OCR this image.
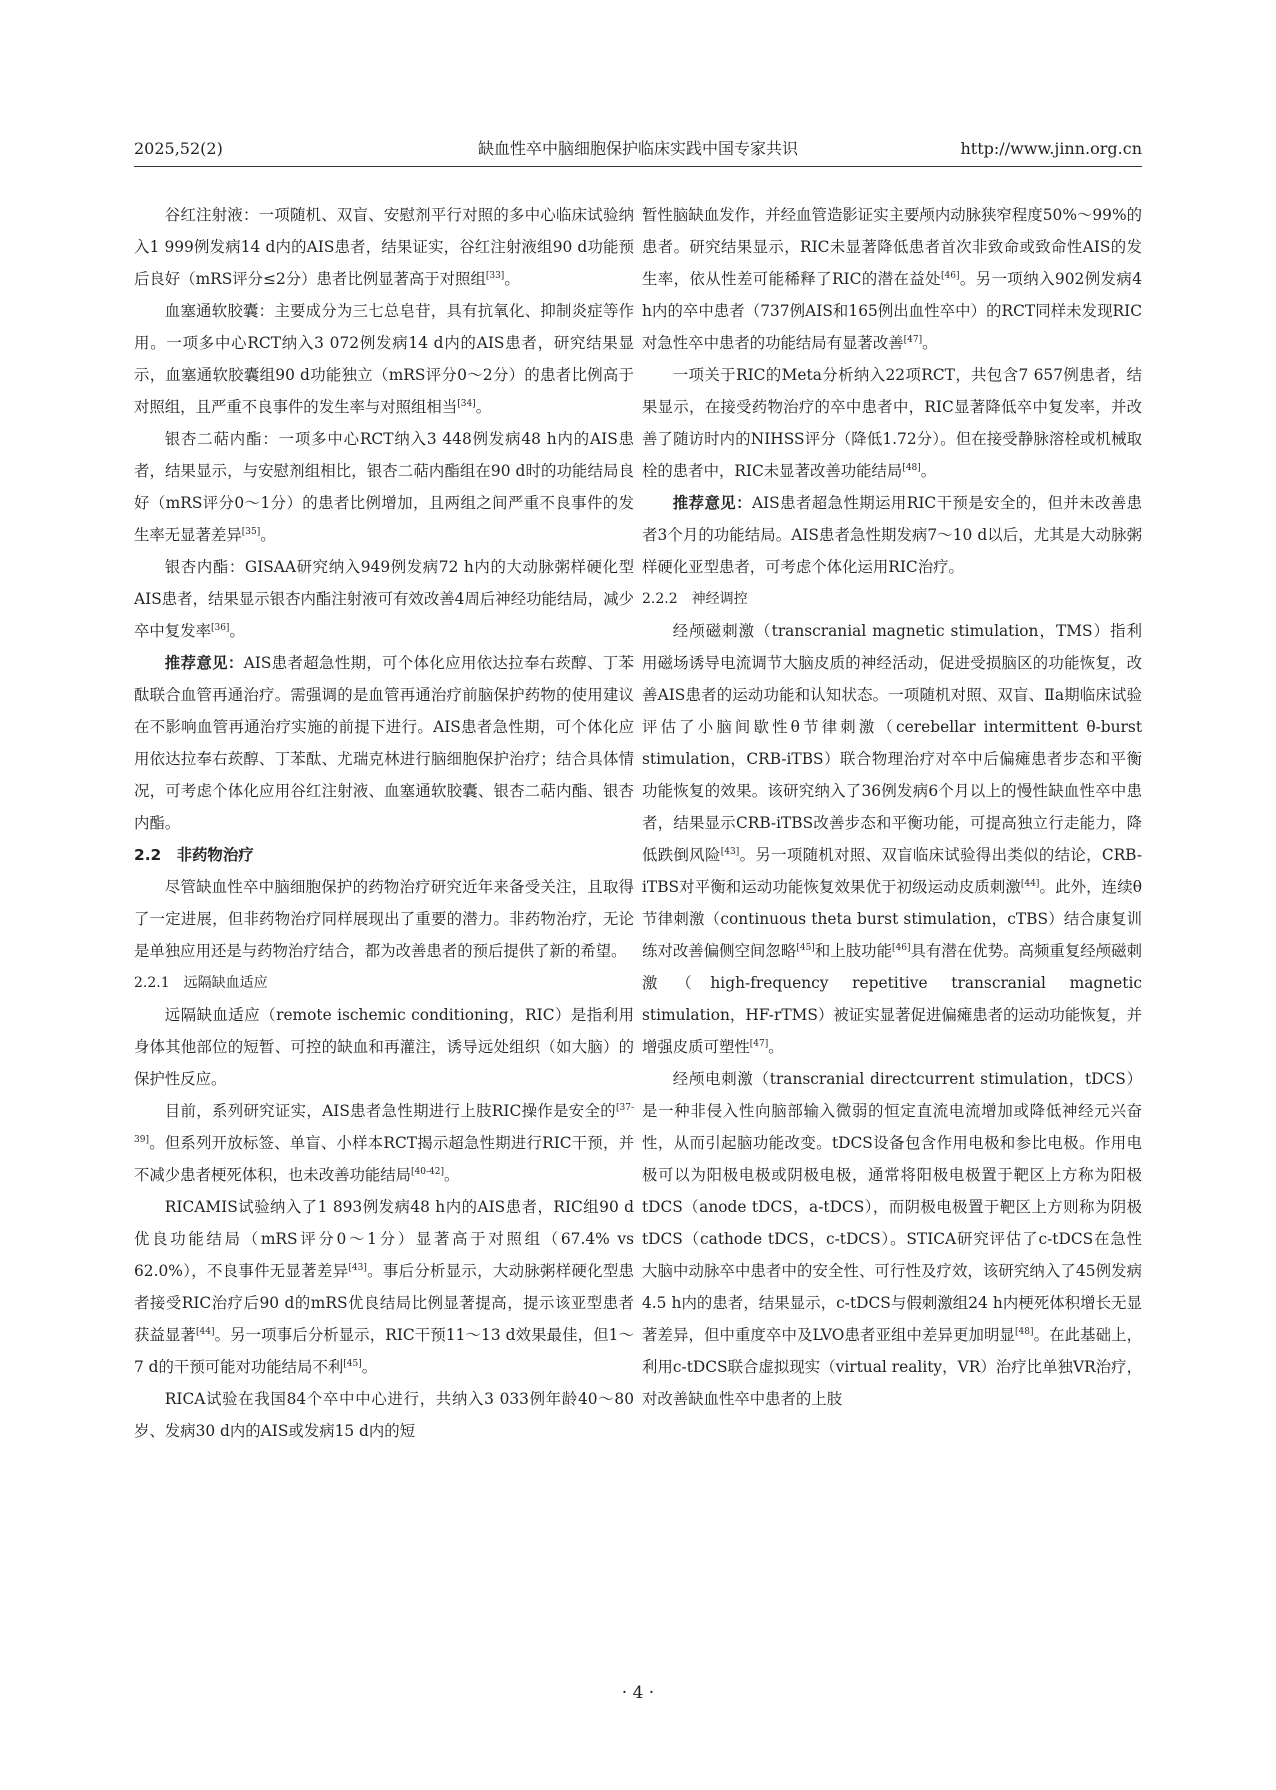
2025,52(2)	缺血性卒中脑细胞保护临床实践中国专家共识	http://www.jinn.org.cn

谷红注射液：一项随机、双盲、安慰剂平行对照的多中心临床试验纳入1 999例发病14 d内的AIS患者，结果证实，谷红注射液组90 d功能预后良好（mRS评分≤2分）患者比例显著高于对照组[33]。

血塞通软胶囊：主要成分为三七总皂苷，具有抗氧化、抑制炎症等作用。一项多中心RCT纳入3 072例发病14 d内的AIS患者，研究结果显示，血塞通软胶囊组90 d功能独立（mRS评分0～2分）的患者比例高于对照组，且严重不良事件的发生率与对照组相当[34]。

银杏二萜内酯：一项多中心RCT纳入3 448例发病48 h内的AIS患者，结果显示，与安慰剂组相比，银杏二萜内酯组在90 d时的功能结局良好（mRS评分0～1分）的患者比例增加，且两组之间严重不良事件的发生率无显著差异[35]。

银杏内酯：GISAA研究纳入949例发病72 h内的大动脉粥样硬化型AIS患者，结果显示银杏内酯注射液可有效改善4周后神经功能结局，减少卒中复发率[36]。

推荐意见：AIS患者超急性期，可个体化应用依达拉奉右莰醇、丁苯酞联合血管再通治疗。需强调的是血管再通治疗前脑保护药物的使用建议在不影响血管再通治疗实施的前提下进行。AIS患者急性期，可个体化应用依达拉奉右莰醇、丁苯酞、尤瑞克林进行脑细胞保护治疗；结合具体情况，可考虑个体化应用谷红注射液、血塞通软胶囊、银杏二萜内酯、银杏内酯。

2.2　非药物治疗

尽管缺血性卒中脑细胞保护的药物治疗研究近年来备受关注，且取得了一定进展，但非药物治疗同样展现出了重要的潜力。非药物治疗，无论是单独应用还是与药物治疗结合，都为改善患者的预后提供了新的希望。

2.2.1　远隔缺血适应

远隔缺血适应（remote ischemic conditioning，RIC）是指利用身体其他部位的短暂、可控的缺血和再灌注，诱导远处组织（如大脑）的保护性反应。

目前，系列研究证实，AIS患者急性期进行上肢RIC操作是安全的[37-39]。但系列开放标签、单盲、小样本RCT揭示超急性期进行RIC干预，并不减少患者梗死体积，也未改善功能结局[40-42]。

RICAMIS试验纳入了1 893例发病48 h内的AIS患者，RIC组90 d优良功能结局（mRS评分0～1分）显著高于对照组（67.4% vs 62.0%），不良事件无显著差异[43]。事后分析显示，大动脉粥样硬化型患者接受RIC治疗后90 d的mRS优良结局比例显著提高，提示该亚型患者获益显著[44]。另一项事后分析显示，RIC干预11～13 d效果最佳，但1～7 d的干预可能对功能结局不利[45]。

RICA试验在我国84个卒中中心进行，共纳入3 033例年龄40～80岁、发病30 d内的AIS或发病15 d内的短

暂性脑缺血发作，并经血管造影证实主要颅内动脉狭窄程度50%～99%的患者。研究结果显示，RIC未显著降低患者首次非致命或致命性AIS的发生率，依从性差可能稀释了RIC的潜在益处[46]。另一项纳入902例发病4 h内的卒中患者（737例AIS和165例出血性卒中）的RCT同样未发现RIC对急性卒中患者的功能结局有显著改善[47]。

一项关于RIC的Meta分析纳入22项RCT，共包含7 657例患者，结果显示，在接受药物治疗的卒中患者中，RIC显著降低卒中复发率，并改善了随访时内的NIHSS评分（降低1.72分）。但在接受静脉溶栓或机械取栓的患者中，RIC未显著改善功能结局[48]。

推荐意见：AIS患者超急性期运用RIC干预是安全的，但并未改善患者3个月的功能结局。AIS患者急性期发病7～10 d以后，尤其是大动脉粥样硬化亚型患者，可考虑个体化运用RIC治疗。

2.2.2　神经调控

经颅磁刺激（transcranial magnetic stimulation，TMS）指利用磁场诱导电流调节大脑皮质的神经活动，促进受损脑区的功能恢复，改善AIS患者的运动功能和认知状态。一项随机对照、双盲、Ⅱa期临床试验评估了小脑间歇性θ节律刺激（cerebellar intermittent θ-burst stimulation，CRB-iTBS）联合物理治疗对卒中后偏瘫患者步态和平衡功能恢复的效果。该研究纳入了36例发病6个月以上的慢性缺血性卒中患者，结果显示CRB-iTBS改善步态和平衡功能，可提高独立行走能力，降低跌倒风险[43]。另一项随机对照、双盲临床试验得出类似的结论，CRB-iTBS对平衡和运动功能恢复效果优于初级运动皮质刺激[44]。此外，连续θ节律刺激（continuous theta burst stimulation，cTBS）结合康复训练对改善偏侧空间忽略[45]和上肢功能[46]具有潜在优势。高频重复经颅磁刺激（high-frequency repetitive transcranial magnetic stimulation，HF-rTMS）被证实显著促进偏瘫患者的运动功能恢复，并增强皮质可塑性[47]。

经颅电刺激（transcranial directcurrent stimulation，tDCS）是一种非侵入性向脑部输入微弱的恒定直流电流增加或降低神经元兴奋性，从而引起脑功能改变。tDCS设备包含作用电极和参比电极。作用电极可以为阳极电极或阴极电极，通常将阳极电极置于靶区上方称为阳极tDCS（anode tDCS，a-tDCS），而阴极电极置于靶区上方则称为阴极tDCS（cathode tDCS，c-tDCS）。STICA研究评估了c-tDCS在急性大脑中动脉卒中患者中的安全性、可行性及疗效，该研究纳入了45例发病4.5 h内的患者，结果显示，c-tDCS与假刺激组24 h内梗死体积增长无显著差异，但中重度卒中及LVO患者亚组中差异更加明显[48]。在此基础上，利用c-tDCS联合虚拟现实（virtual reality，VR）治疗比单独VR治疗，对改善缺血性卒中患者的上肢

· 4 ·
